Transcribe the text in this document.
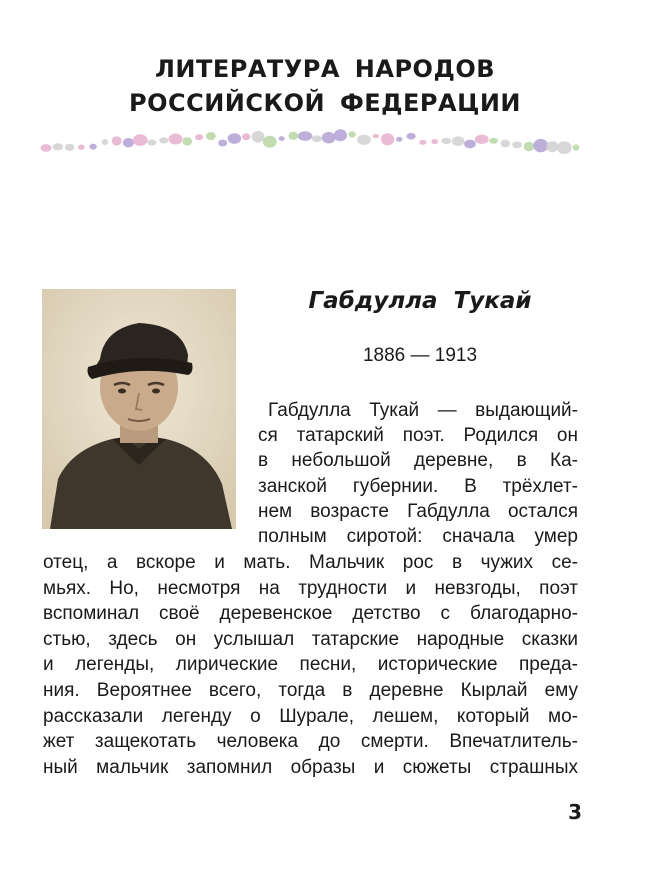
ЛИТЕРАТУРА НАРОДОВ
РОССИЙСКОЙ ФЕДЕРАЦИИ
Габдулла Тукай
1886 — 1913
Габдулла Тукай — выдающий-
ся татарский поэт. Родился он
в небольшой деревне, в Ка-
занской губернии. В трёхлет-
нем возрасте Габдулла остался
полным сиротой: сначала умер
отец, а вскоре и мать. Мальчик рос в чужих се-
мьях. Но, несмотря на трудности и невзгоды, поэт
вспоминал своё деревенское детство с благодарно-
стью, здесь он услышал татарские народные сказки
и легенды, лирические песни, исторические преда-
ния. Вероятнее всего, тогда в деревне Кырлай ему
рассказали легенду о Шурале, лешем, который мо-
жет защекотать человека до смерти. Впечатлитель-
ный мальчик запомнил образы и сюжеты страшных
3
